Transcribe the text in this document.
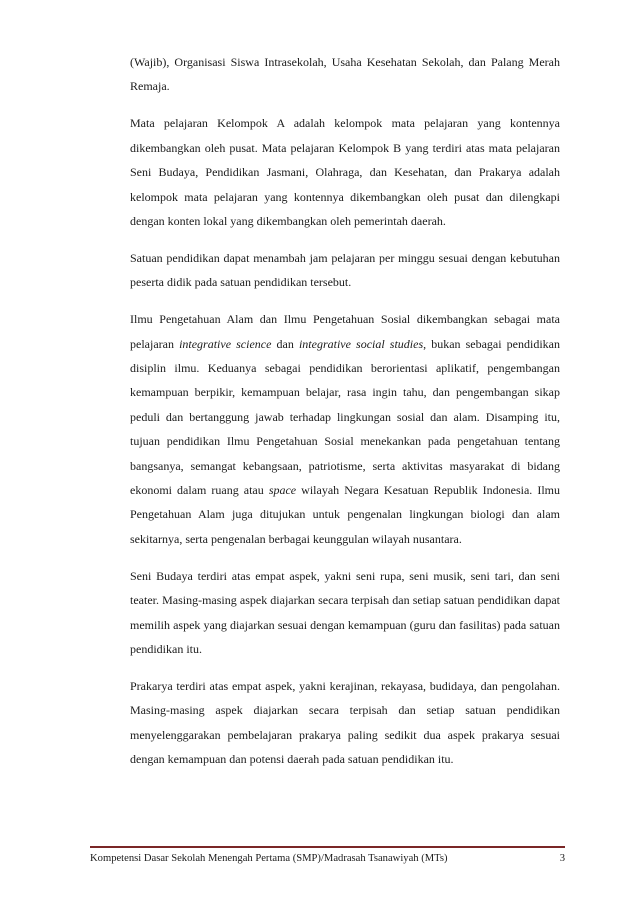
(Wajib), Organisasi Siswa Intrasekolah, Usaha Kesehatan Sekolah, dan Palang Merah Remaja.

Mata pelajaran Kelompok A adalah kelompok mata pelajaran yang kontennya dikembangkan oleh pusat. Mata pelajaran Kelompok B yang terdiri atas mata pelajaran Seni Budaya, Pendidikan Jasmani, Olahraga, dan Kesehatan, dan Prakarya adalah kelompok mata pelajaran yang kontennya dikembangkan oleh pusat dan dilengkapi dengan konten lokal yang dikembangkan oleh pemerintah daerah.

Satuan pendidikan dapat menambah jam pelajaran per minggu sesuai dengan kebutuhan peserta didik pada satuan pendidikan tersebut.

Ilmu Pengetahuan Alam dan Ilmu Pengetahuan Sosial dikembangkan sebagai mata pelajaran integrative science dan integrative social studies, bukan sebagai pendidikan disiplin ilmu. Keduanya sebagai pendidikan berorientasi aplikatif, pengembangan kemampuan berpikir, kemampuan belajar, rasa ingin tahu, dan pengembangan sikap peduli dan bertanggung jawab terhadap lingkungan sosial dan alam. Disamping itu, tujuan pendidikan Ilmu Pengetahuan Sosial menekankan pada pengetahuan tentang bangsanya, semangat kebangsaan, patriotisme, serta aktivitas masyarakat di bidang ekonomi dalam ruang atau space wilayah Negara Kesatuan Republik Indonesia. Ilmu Pengetahuan Alam juga ditujukan untuk pengenalan lingkungan biologi dan alam sekitarnya, serta pengenalan berbagai keunggulan wilayah nusantara.

Seni Budaya terdiri atas empat aspek, yakni seni rupa, seni musik, seni tari, dan seni teater. Masing-masing aspek diajarkan secara terpisah dan setiap satuan pendidikan dapat memilih aspek yang diajarkan sesuai dengan kemampuan (guru dan fasilitas) pada satuan pendidikan itu.

Prakarya terdiri atas empat aspek, yakni kerajinan, rekayasa, budidaya, dan pengolahan. Masing-masing aspek diajarkan secara terpisah dan setiap satuan pendidikan menyelenggarakan pembelajaran prakarya paling sedikit dua aspek prakarya sesuai dengan kemampuan dan potensi daerah pada satuan pendidikan itu.

Kompetensi Dasar Sekolah Menengah Pertama (SMP)/Madrasah Tsanawiyah (MTs)	3
